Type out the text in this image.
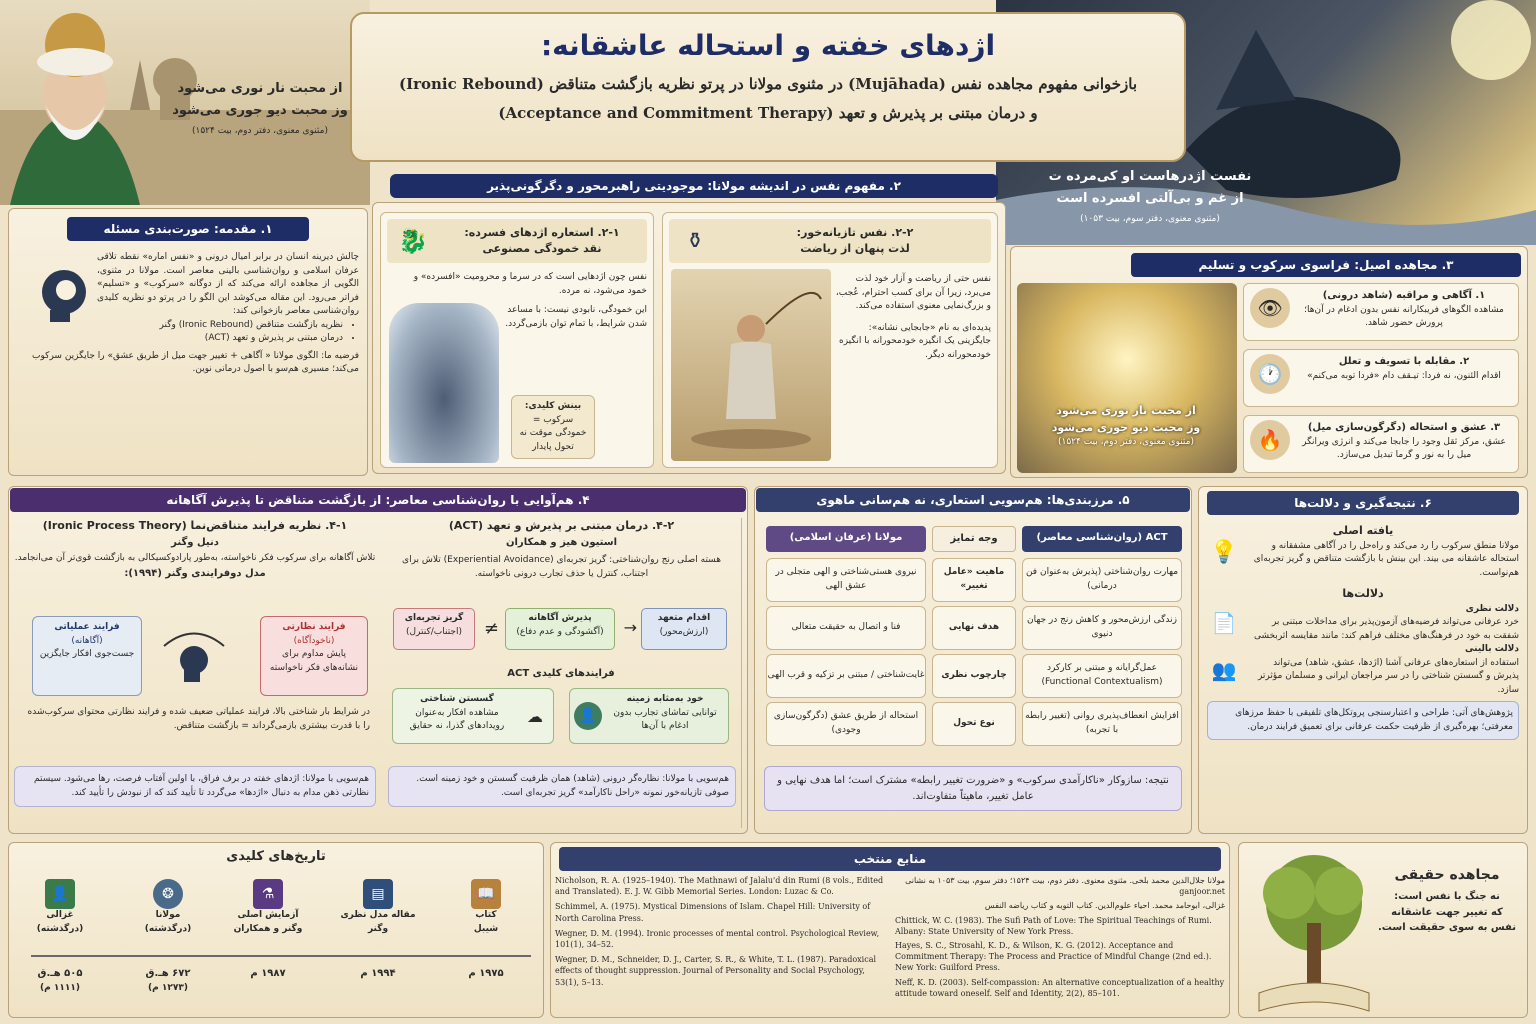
از محبت نار نوری می‌شود
وز محبت دیو جوری می‌شود
(مثنوی معنوی، دفتر دوم، بیت ۱۵۲۴)
نفست اژدرهاست او کی‌مرده ت
از غم و بی‌آلتی افسرده است
(مثنوی معنوی، دفتر سوم، بیت ۱۰۵۳)
اژدهای خفته و استحاله عاشقانه:
بازخوانی مفهوم مجاهده نفس (Mujāhada) در مثنوی مولانا در پرتو نظریه بازگشت متناقض (Ironic Rebound)
و درمان مبتنی بر پذیرش و تعهد (Acceptance and Commitment Therapy)
۱. مقدمه: صورت‌بندی مسئله
چالش دیرینه انسان در برابر امیال درونی و «نفس اماره» نقطه تلاقی عرفان اسلامی و روان‌شناسی بالینی معاصر است. مولانا در مثنوی، الگویی از مجاهده ارائه می‌کند که از دوگانه «سرکوب» و «تسلیم» فراتر می‌رود. این مقاله می‌کوشد این الگو را در پرتو دو نظریه کلیدی روان‌شناسی معاصر بازخوانی کند:
• نظریه بازگشت متناقض (Ironic Rebound) وگنر
• درمان مبتنی بر پذیرش و تعهد (ACT)
فرضیه ما: الگوی مولانا « آگاهی + تغییر جهت میل از طریق عشق» را جایگزین سرکوب می‌کند؛ مسیری هم‌سو با اصول درمانی نوین.
۲. مفهوم نفس در اندیشه مولانا: موجودیتی راهبرمحور و دگرگونی‌پذیر
۲-۱. استعاره اژدهای فسرده:
نقد خمودگی مصنوعی
🐉
نفس چون اژدهایی است که در سرما و محرومیت «افسرده» و خمود می‌شود، نه مرده.
این خمودگی، نابودی نیست: با مساعد شدن شرایط، با تمام توان بازمی‌گردد.
بینش کلیدی:
سرکوب = خمودگی موقت نه تحول پایدار
۲-۲. نفس تازیانه‌خور:
لذت پنهان از ریاضت
⚱
نفس حتی از ریاضت و آزار خود لذت می‌برد، زیرا آن برای کسب احترام، عُجب، و بزرگ‌نمایی معنوی استفاده می‌کند.
پدیده‌ای به نام «جابجایی نشانه»: جایگزینی یک انگیزه خودمحورانه با انگیزه خودمحورانه دیگر.
۳. مجاهده اصیل: فراسوی سرکوب و تسلیم
از محبت نار نوری می‌شود
وز محبت دیو جوری می‌شود
(مثنوی معنوی، دفتر دوم، بیت ۱۵۲۴)
۱. آگاهی و مراقبه (شاهد درونی)
مشاهده الگوهای فریبکارانه نفس بدون ادغام در آن‌ها؛ پرورش حضور شاهد.
👁
۲. مقابله با تسویف و تعلل
اقدام الئنون، نه فردا: تیـقف دام «فردا توبه می‌کنم»
🕐
۳. عشق و استحاله (دگرگون‌سازی میل)
عشق، مرکز ثقل وجود را جابجا می‌کند و انرژی ویرانگر میل را به نور و گرما تبدیل می‌سازد.
🔥
۴. هم‌آوایی با روان‌شناسی معاصر: از بازگشت متناقض تا پذیرش آگاهانه
۴-۱. نظریه فرایند متناقض‌نما (Ironic Process Theory)
دنیل وگنر
تلاش آگاهانه برای سرکوب فکر ناخواسته، به‌طور پارادوکسیکالی به بازگشت قوی‌تر آن می‌انجامد.
مدل دوفرایندی وگنر (۱۹۹۴):
فرایند نظارتی
(ناخودآگاه)
پایش مداوم برای نشانه‌های فکر ناخواسته
فرایند عملیاتی
(آگاهانه)
جست‌جوی افکار جایگزین
در شرایط بار شناختی بالا، فرایند عملیاتی ضعیف شده و فرایند نظارتی محتوای سرکوب‌شده را با قدرت بیشتری بازمی‌گرداند = بازگشت متناقض.
هم‌سویی با مولانا: اژدهای خفته در برف فراق، با اولین آفتاب فرصت، رها می‌شود. سیستم نظارتی ذهن مدام به دنبال «اژدها» می‌گردد تا تأیید کند که از نبودش را تأیید کند.
۴-۲. درمان مبتنی بر پذیرش و تعهد (ACT)
استیون هیز و همکاران
هسته اصلی رنج روان‌شناختی: گریز تجربه‌ای (Experiential Avoidance) تلاش برای اجتناب، کنترل یا حذف تجارب درونی ناخواسته.
اقدام متعهد
(ارزش‌محور)
→
پذیرش آگاهانه
(آگشودگی و عدم دفاع)
≠
گریز تجربه‌ای
(اجتناب/کنترل)
فرایندهای کلیدی ACT
خود به‌مثابه زمینه
توانایی تماشای تجارب بدون ادغام با آن‌ها
👤
☁
گسستن شناختی
مشاهده افکار به‌عنوان رویدادهای گذرا، نه حقایق
هم‌سویی با مولانا: نظاره‌گر درونی (شاهد) همان ظرفیت گسستن و خود زمینه است. صوفی تازیانه‌خور نمونه «راحل ناکارآمد» گریز تجربه‌ای است.
۵. مرزبندی‌ها: هم‌سویی استعاری، نه هم‌سانی ماهوی
ACT (روان‌شناسی معاصر)
وجه تمایز
مولانا (عرفان اسلامی)
مهارت روان‌شناختی (پذیرش به‌عنوان فن درمانی)
ماهیت «عامل تغییر»
نیروی هستی‌شناختی و الهی متجلی در عشق الهی
زندگی ارزش‌محور و کاهش رنج در جهان دنیوی
هدف نهایی
فنا و اتصال به حقیقت متعالی
عمل‌گرایانه و مبتنی بر کارکرد (Functional Contextualism)
چارچوب نظری
غایت‌شناختی / مبتنی بر تزکیه و قرب الهی
افزایش انعطاف‌پذیری روانی (تغییر رابطه با تجربه)
نوع تحول
استحاله از طریق عشق (دگرگون‌سازی وجودی)
نتیجه: سازوکار «ناکارآمدی سرکوب» و «ضرورت تغییر رابطه» مشترک است؛ اما هدف نهایی و عامل تغییر، ماهیتاً متفاوت‌اند.
۶. نتیجه‌گیری و دلالت‌ها
یافته اصلی
مولانا منطق سرکوب را رد می‌کند و راه‌حل را در آگاهی مشفقانه و استحاله عاشقانه می بیند. این بینش با بازگشت متناقض و گریز تجربه‌ای هم‌نواست.
💡
دلالت‌ها
دلالت نظری
خرد عرفانی می‌تواند فرضیه‌های آزمون‌پذیر برای مداخلات مبتنی بر شفقت به خود در فرهنگ‌های مختلف فراهم کند: مانند مقایسه اثربخشی
📄
دلالت بالینی
استفاده از استعاره‌های عرفانی آشنا (اژدها، عشق، شاهد) می‌تواند پذیرش و گسستن شناختی را در سر مراجعان ایرانی و مسلمان مؤثرتر سازد.
👥
پژوهش‌های آتی: طراحی و اعتبارسنجی پروتکل‌های تلفیقی با حفظ مرزهای معرفتی؛ بهره‌گیری از ظرفیت حکمت عرفانی برای تعمیق فرایند درمان.
تاریخ‌های کلیدی
📖
کتاب
شیبل
۱۹۷۵ م
▤
مقاله مدل نظری
وگنر
۱۹۹۴ م
⚗
آزمایش اصلی
وگنر و همکاران
۱۹۸۷ م
❂
مولانا
(درگذشته)
۶۷۲ هـ.ق
(۱۲۷۳ م)
👤
غزالی
(درگذشته)
۵۰۵ هـ.ق
(۱۱۱۱ م)
منابع منتخب
Nicholson, R. A. (1925–1940). The Mathnawi of Jalalu'd din Rumi (8 vols., Edited and Translated). E. J. W. Gibb Memorial Series. London: Luzac & Co.
Schimmel, A. (1975). Mystical Dimensions of Islam. Chapel Hill: University of North Carolina Press.
Wegner, D. M. (1994). Ironic processes of mental control. Psychological Review, 101(1), 34–52.
Wegner, D. M., Schneider, D. J., Carter, S. R., & White, T. L. (1987). Paradoxical effects of thought suppression. Journal of Personality and Social Psychology, 53(1), 5–13.
مولانا جلال‌الدین محمد بلخی. مثنوی معنوی. دفتر دوم، بیت ۱۵۲۴؛ دفتر سوم، بیت ۱۰۵۳ به نشانی ganjoor.net
غزالی، ابوحامد محمد. احیاء علوم‌الدین. کتاب التوبه و کتاب ریاضه النفس
Chittick, W. C. (1983). The Sufi Path of Love: The Spiritual Teachings of Rumi. Albany: State University of New York Press.
Hayes, S. C., Strosahl, K. D., & Wilson, K. G. (2012). Acceptance and Commitment Therapy: The Process and Practice of Mindful Change (2nd ed.). New York: Guilford Press.
Neff, K. D. (2003). Self-compassion: An alternative conceptualization of a healthy attitude toward oneself. Self and Identity, 2(2), 85–101.
مجاهده حقیقی
نه جنگ با نفس است:
که تغییر جهت عاشقانه
نفس به سوی حقیقت است.
